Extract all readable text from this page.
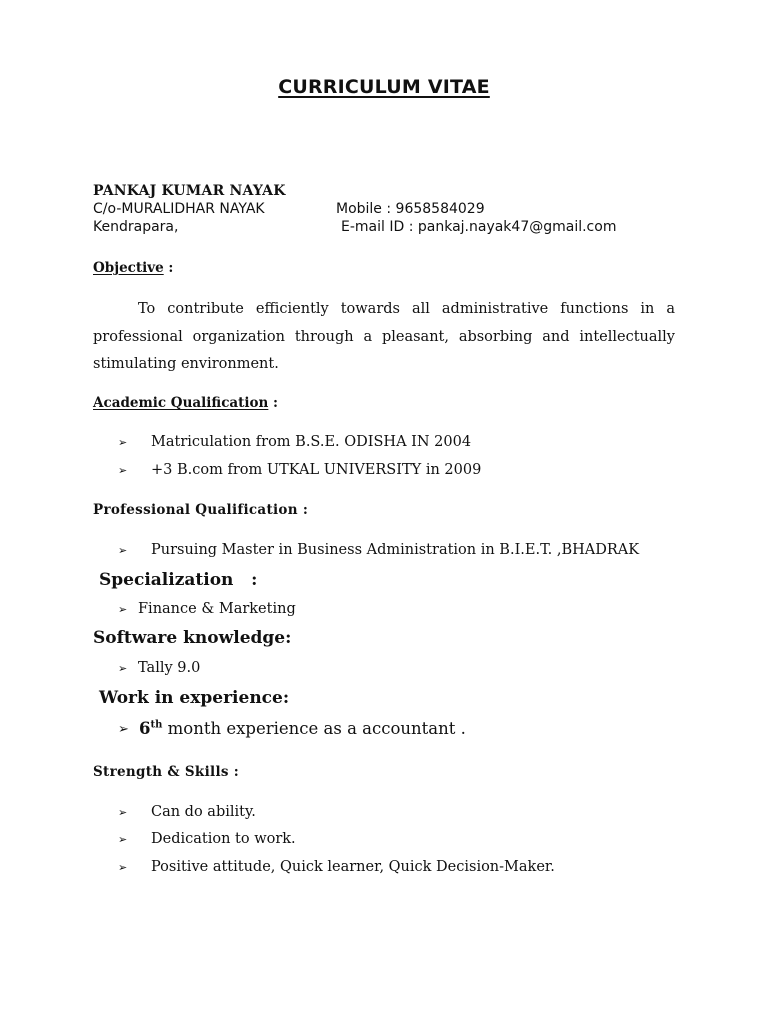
CURRICULUM VITAE
PANKAJ KUMAR NAYAK
C/o-MURALIDHAR NAYAK	Mobile : 9658584029
Kendrapara,	E-mail ID : pankaj.nayak47@gmail.com
Objective :
To contribute efficiently towards all administrative functions in a professional organization through a pleasant, absorbing and intellectually stimulating environment.
Academic Qualification :
➢ Matriculation from B.S.E. ODISHA IN 2004
➢ +3 B.com from UTKAL UNIVERSITY in 2009
Professional Qualification :
➢ Pursuing Master in Business Administration in B.I.E.T. ,BHADRAK
Specialization   :
➢ Finance & Marketing
Software knowledge:
➢ Tally 9.0
Work in experience:
➢ 6th month experience as a accountant .
Strength & Skills :
➢ Can do ability.
➢ Dedication to work.
➢ Positive attitude, Quick learner, Quick Decision-Maker.
